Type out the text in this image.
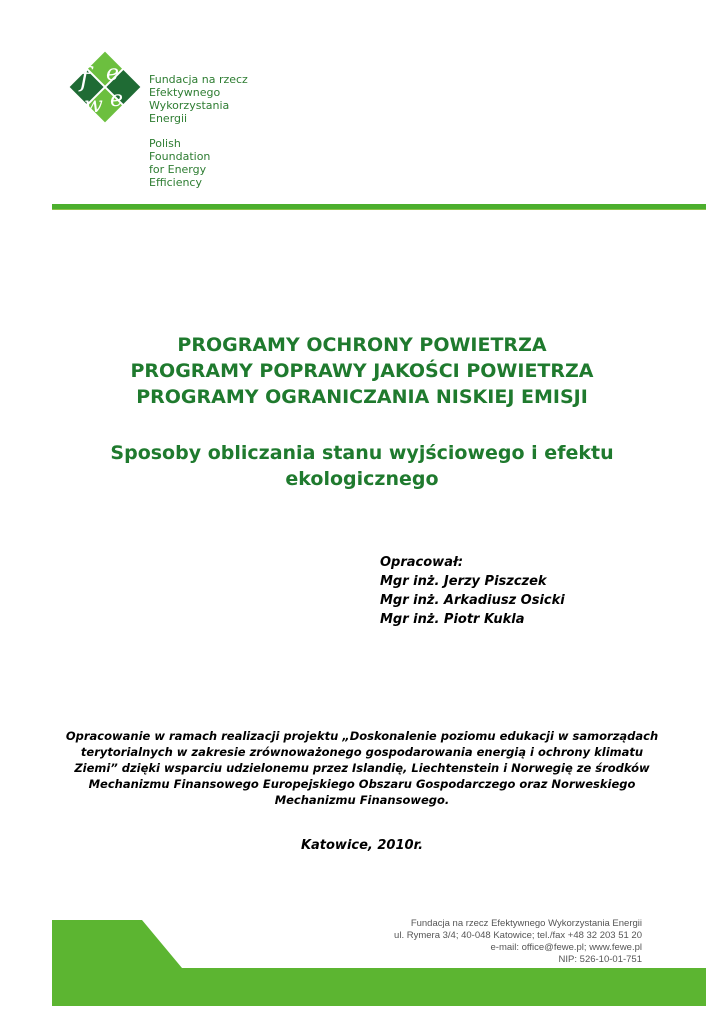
f e
w e
Fundacja na rzecz
Efektywnego
Wykorzystania
Energii
Polish
Foundation
for Energy
Efficiency

PROGRAMY OCHRONY POWIETRZA

PROGRAMY POPRAWY JAKOŚCI POWIETRZA

PROGRAMY OGRANICZANIA NISKIEJ EMISJI

Sposoby obliczania stanu wyjściowego i efektu ekologicznego
Opracował:
Mgr inż. Jerzy Piszczek
Mgr inż. Arkadiusz Osicki
Mgr inż. Piotr Kukla
Opracowanie w ramach realizacji projektu „Doskonalenie poziomu edukacji w samorządach terytorialnych w zakresie zrównoważonego gospodarowania energią i ochrony klimatu Ziemi” dzięki wsparciu udzielonemu przez Islandię, Liechtenstein i Norwegię ze środków Mechanizmu Finansowego Europejskiego Obszaru Gospodarczego oraz Norweskiego Mechanizmu Finansowego.
Katowice, 2010r.
Fundacja na rzecz Efektywnego Wykorzystania Energii
ul. Rymera 3/4; 40-048 Katowice; tel./fax +48 32 203 51 20
e-mail: office@fewe.pl; www.fewe.pl
NIP: 526-10-01-751
